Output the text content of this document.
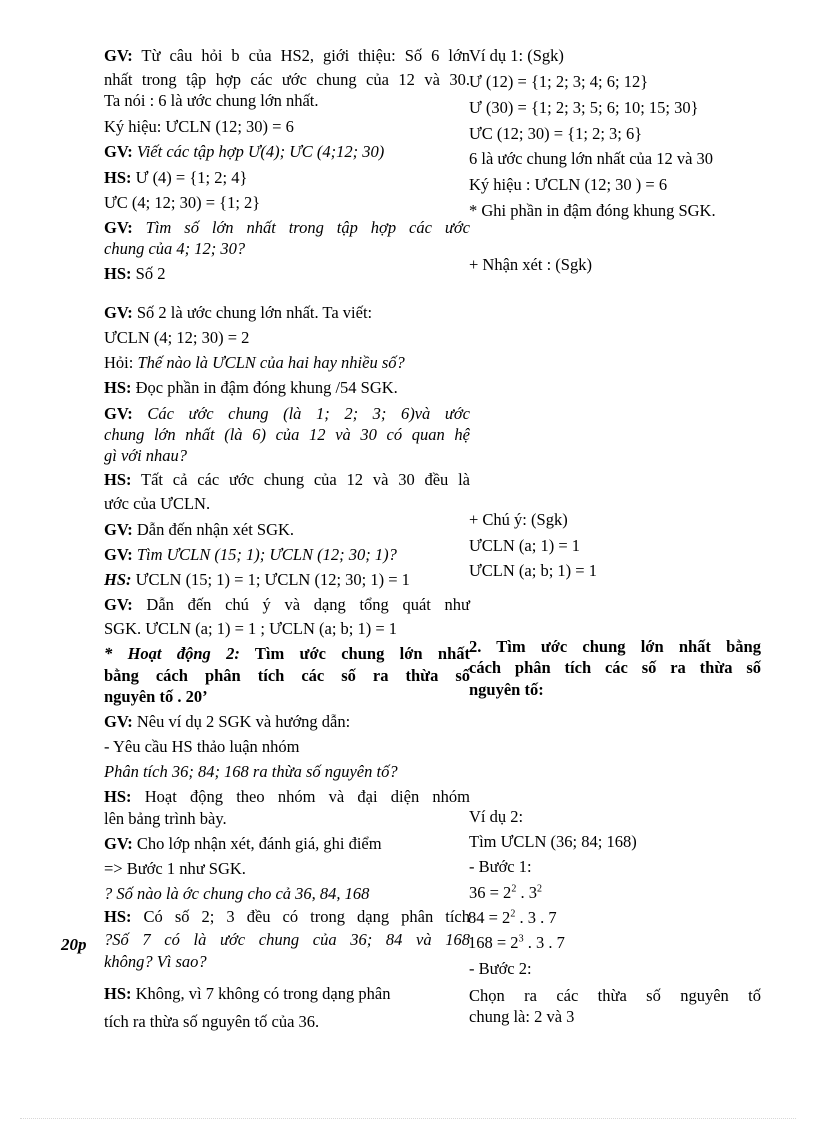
GV: Từ câu hỏi b của HS2, giới thiệu: Số 6 lớn
nhất trong tập hợp các ước chung của 12 và 30.
Ta nói : 6 là ước chung lớn nhất.
Ký hiệu: ƯCLN (12; 30) = 6
GV: Viết các tập hợp Ư(4); ƯC (4;12; 30)
HS: Ư (4) = {1; 2; 4}
ƯC (4; 12; 30) = {1; 2}
GV: Tìm số lớn nhất trong tập hợp các ước
chung của 4; 12; 30?
HS: Số 2
GV: Số 2 là ước chung lớn nhất. Ta viết:
ƯCLN (4; 12; 30) = 2
Hỏi: Thế nào là ƯCLN của hai hay nhiều số?
HS: Đọc phần in đậm đóng khung /54 SGK.
GV: Các ước chung (là 1; 2; 3; 6)và ước
chung lớn nhất (là 6) của 12 và 30 có quan hệ
gì với nhau?
HS: Tất cả các ước chung của 12 và 30 đều là
ước của ƯCLN.
GV: Dẫn đến nhận xét SGK.
GV: Tìm ƯCLN (15; 1); ƯCLN (12; 30; 1)?
HS: ƯCLN (15; 1) = 1; ƯCLN (12; 30; 1) = 1
GV: Dẫn đến chú ý và dạng tổng quát như
SGK. ƯCLN (a; 1) = 1 ; ƯCLN (a; b; 1) = 1
* Hoạt động 2: Tìm ước chung lớn nhất
bằng cách phân tích các số ra thừa số
nguyên tố . 20’
GV: Nêu ví dụ 2 SGK và hướng dẫn:
- Yêu cầu HS thảo luận nhóm
Phân tích 36; 84; 168 ra thừa số nguyên tố?
HS: Hoạt động theo nhóm và đại diện nhóm
lên bảng trình bày.
GV: Cho lớp nhận xét, đánh giá, ghi điểm
=> Bước 1 như SGK.
? Số nào là ớc chung cho cả 36, 84, 168
HS: Có số 2; 3 đều có trong dạng phân tích
?Số 7 có là ước chung của 36; 84 và 168
không? Vì sao?
HS: Không, vì 7 không có trong dạng phân
tích ra thừa số nguyên tố của 36.
Ví dụ 1: (Sgk)
Ư (12) = {1; 2; 3; 4; 6; 12}
Ư (30) = {1; 2; 3; 5; 6; 10; 15; 30}
ƯC (12; 30) = {1; 2; 3; 6}
6 là ước chung lớn nhất của 12 và 30
Ký hiệu : ƯCLN (12; 30 ) = 6
* Ghi phần in đậm đóng khung SGK.
+ Nhận xét : (Sgk)
+ Chú ý: (Sgk)
ƯCLN (a; 1) = 1
ƯCLN (a; b; 1) = 1
2. Tìm ước chung lớn nhất bằng
cách phân tích các số ra thừa số
nguyên tố:
Ví dụ 2:
Tìm ƯCLN (36; 84; 168)
- Bước 1:
$36 = 2^2$ . $3^2$
$84 = 2^2$ . 3 . 7
$168 = 2^3$ . 3 . 7
- Bước 2:
Chọn ra các thừa số nguyên tố
chung là: 2 và 3
20p
